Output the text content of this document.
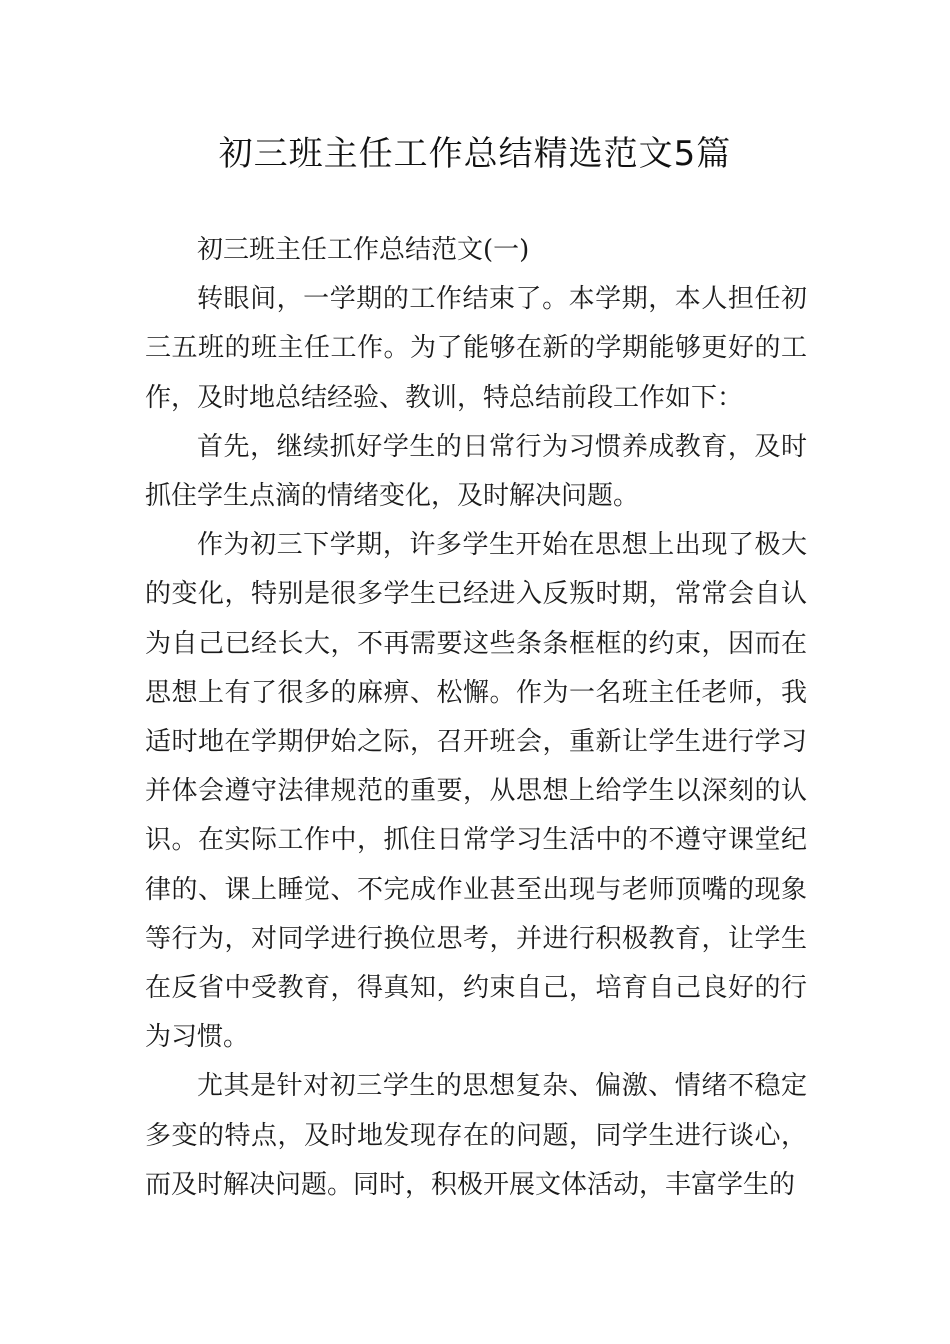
初三班主任工作总结精选范文5篇

初三班主任工作总结范文(一)

转眼间，一学期的工作结束了。本学期，本人担任初三五班的班主任工作。为了能够在新的学期能够更好的工作，及时地总结经验、教训，特总结前段工作如下：

首先，继续抓好学生的日常行为习惯养成教育，及时抓住学生点滴的情绪变化，及时解决问题。

作为初三下学期，许多学生开始在思想上出现了极大的变化，特别是很多学生已经进入反叛时期，常常会自认为自己已经长大，不再需要这些条条框框的约束，因而在思想上有了很多的麻痹、松懈。作为一名班主任老师，我适时地在学期伊始之际，召开班会，重新让学生进行学习并体会遵守法律规范的重要，从思想上给学生以深刻的认识。在实际工作中，抓住日常学习生活中的不遵守课堂纪律的、课上睡觉、不完成作业甚至出现与老师顶嘴的现象等行为，对同学进行换位思考，并进行积极教育，让学生在反省中受教育，得真知，约束自己，培育自己良好的行为习惯。

尤其是针对初三学生的思想复杂、偏激、情绪不稳定多变的特点，及时地发现存在的问题，同学生进行谈心，而及时解决问题。同时，积极开展文体活动，丰富学生的
